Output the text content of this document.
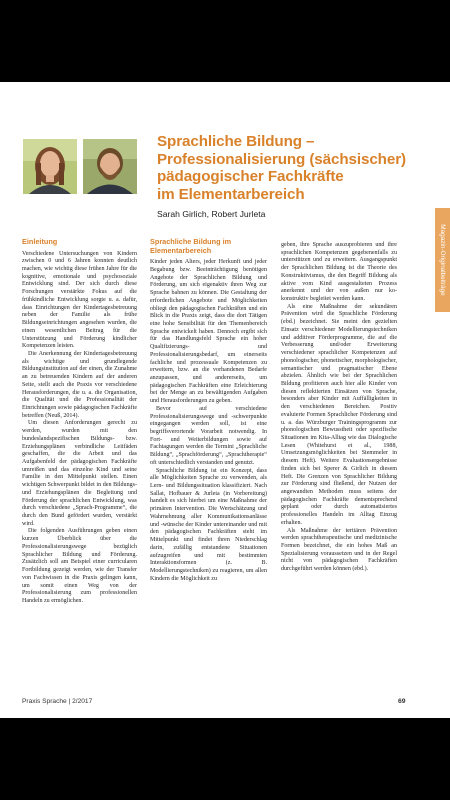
Sprachliche Bildung –
Professionalisierung (sächsischer)
pädagogischer Fachkräfte
im Elementarbereich
Sarah Girlich, Robert Jurleta
Einleitung

Verschiedene Untersuchungen von Kindern zwischen 0 und 6 Jahren konnten deutlich machen, wie wichtig diese frühen Jahre für die kognitive, emotionale und psychosoziale Entwicklung sind. Der sich durch diese Forschungen verstärkte Fokus auf die frühkindliche Entwicklung sorgte u. a. dafür, dass Einrichtungen der Kindertagesbetreuung neben der Familie als frühe Bildungseinrichtungen angesehen wurden, die einen wesentlichen Beitrag für die Unterstützung und Förderung kindlicher Kompetenzen leisten.

Die Anerkennung der Kindertagesbetreuung als wichtige und grundlegende Bildungsinstitution auf der einen, die Zunahme an zu betreuenden Kindern auf der anderen Seite, stellt auch die Praxis vor verschiedene Herausforderungen, die u. a. die Organisation, die Qualität und die Professionalität der Einrichtungen sowie pädagogischen Fachkräfte betreffen (Neuß, 2014).

Um diesen Anforderungen gerecht zu werden, wurden mit den bundeslandspezifischen Bildungs- bzw. Erziehungsplänen verbindliche Leitfäden geschaffen, die die Arbeit und das Aufgabenfeld der pädagogischen Fachkräfte umreißen und das einzelne Kind und seine Familie in den Mittelpunkt stellen. Einen wichtigen Schwerpunkt bildet in den Bildungs- und Erziehungsplänen die Begleitung und Förderung der sprachlichen Entwicklung, was durch verschiedene „Sprach-Programme“, die durch den Bund gefördert wurden, verstärkt wird.

Die folgenden Ausführungen geben einen kurzen Überblick über die Professionalisierungswege bezüglich Sprachlicher Bildung und Förderung. Zusätzlich soll am Beispiel einer curricularen Fortbildung gezeigt werden, wie der Transfer von Fachwissen in die Praxis gelingen kann, um somit einen Weg von der Professionalisierung zum professionellen Handeln zu ermöglichen.

Sprachliche Bildung im Elementarbereich

Kinder jeden Alters, jeder Herkunft und jeder Begabung bzw. Beeinträchtigung benötigen Angebote der Sprachlichen Bildung und Förderung, um sich eigenaktiv ihren Weg zur Sprache bahnen zu können. Die Gestaltung der erforderlichen Angebote und Möglichkeiten obliegt den pädagogischen Fachkräften und ein Blick in die Praxis zeigt, dass die dort Tätigen eine hohe Sensibilität für den Themenbereich Sprache entwickelt haben. Dennoch ergibt sich für das Handlungsfeld Sprache ein hoher Qualifizierungs- und Professionalisierungsbedarf, um einerseits fachliche und prozessuale Kompetenzen zu erweitern, bzw. an die vorhandenen Bedarfe anzupassen, und andererseits, um pädagogischen Fachkräften eine Erleichterung bei der Menge an zu bewältigenden Aufgaben und Herausforderungen zu geben.

Bevor auf verschiedene Professionalisierungswege und -schwerpunkte eingegangen werden soll, ist eine begriffsverortende Vorarbeit notwendig. In Fort- und Weiterbildungen sowie auf Fachtagungen werden die Termini „Sprachliche Bildung“, „Sprachförderung“, „Sprachtherapie“ oft unterschiedlich verstanden und genutzt.

Sprachliche Bildung ist ein Konzept, dass alle Möglichkeiten Sprache zu verwenden, als Lern- und Bildungssituation klassifiziert. Nach Sallat, Hofbauer & Jurleta (in Vorbereitung) handelt es sich hierbei um eine Maßnahme der primären Intervention. Die Wertschätzung und Wahrnehmung aller Kommunikationsanlässe und -wünsche der Kinder untereinander und mit den pädagogischen Fachkräften steht im Mittelpunkt und findet ihren Niederschlag darin, zufällig entstandene Situationen aufzugreifen und mit bestimmten Interaktionsformen (z. B. Modellierungstechniken) zu reagieren, um allen Kindern die Möglichkeit zu

geben, ihre Sprache auszuprobieren und ihre sprachlichen Kompetenzen gegebenenfalls zu unterstützen und zu erweitern. Ausgangspunkt der Sprachlichen Bildung ist die Theorie des Konstruktivismus, die den Begriff Bildung als aktive vom Kind ausgestalteten Prozess anerkennt und der von außen nur ko-konstruktiv begleitet werden kann.

Als eine Maßnahme der sekundären Prävention wird die Sprachliche Förderung (ebd.) bezeichnet. Sie meint den gezielten Einsatz verschiedener Modellierungstechniken und additiver Förderprogramme, die auf die Verbesserung und/oder Erweiterung verschiedener sprachlicher Kompetenzen auf phonologischer, phonetischer, morphologischer, semantischer und pragmatischer Ebene abzielen. Ähnlich wie bei der Sprachlichen Bildung profitieren auch hier alle Kinder von diesen reflektierten Einsätzen von Sprache, besonders aber Kinder mit Auffälligkeiten in den verschiedenen Bereichen. Positiv evaluierte Formen Sprachlicher Förderung sind u. a. das Würzburger Trainingsprogramm zur phonologischen Bewusstheit oder spezifische Situationen im Kita-Alltag wie das Dialogische Lesen (Whitehurst et al., 1988, Umsetzungsmöglichkeiten bei Stemmeler in diesem Heft). Weitere Evaluationsergebnisse finden sich bei Sperer & Girlich in diesem Heft. Die Grenzen von Sprachlicher Bildung zur Förderung sind fließend, der Nutzen der angewandten Methoden muss seitens der pädagogischen Fachkräfte dementsprechend geplant oder durch automatisiertes professionelles Handeln im Alltag Einzug erhalten.

Als Maßnahme der tertiären Prävention werden sprachtherapeutische und medizinische Formen bezeichnet, die ein hohes Maß an Spezialisierung voraussetzen und in der Regel nicht von pädagogischen Fachkräften durchgeführt werden können (ebd.).

Magazin-Originalbeiträge
Praxis Sprache | 2/2017	69
